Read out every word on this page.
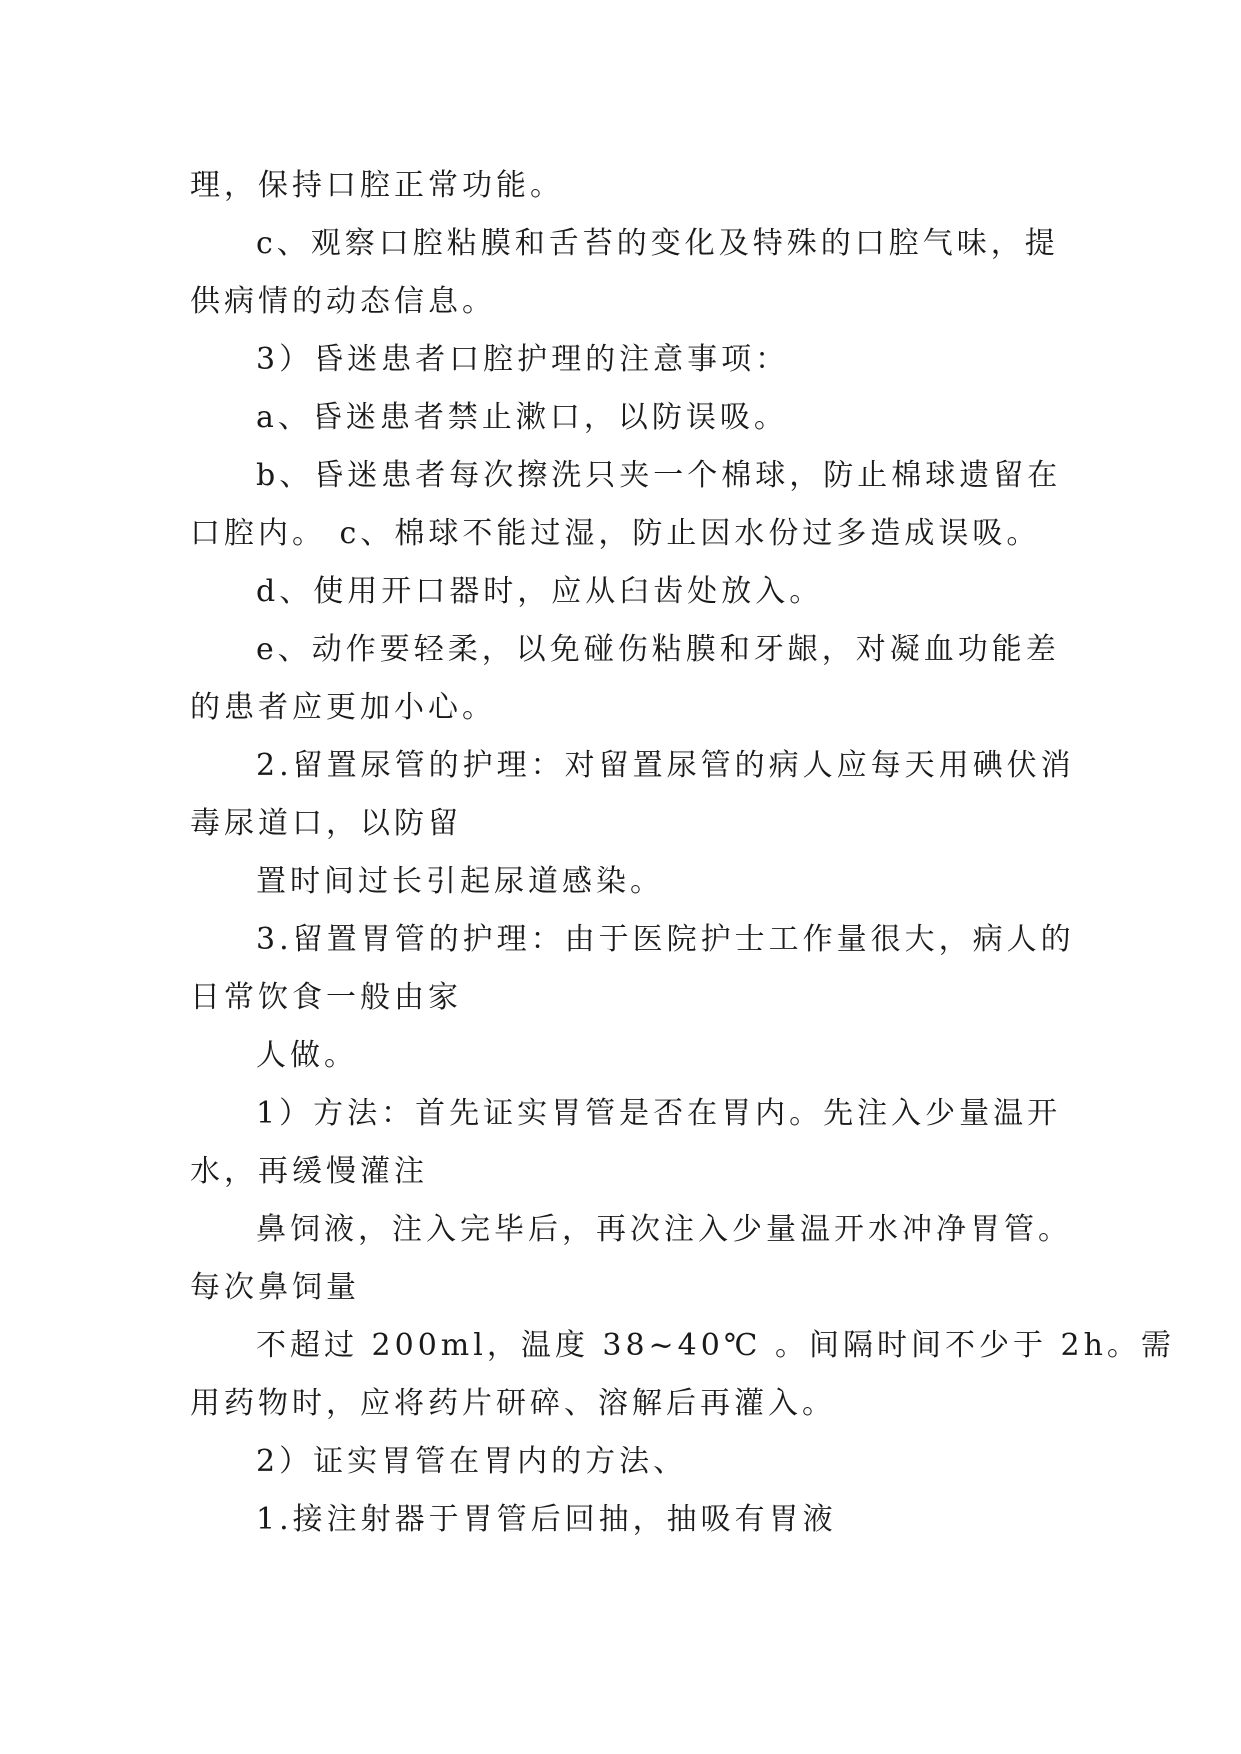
理，保持口腔正常功能。
c、观察口腔粘膜和舌苔的变化及特殊的口腔气味，提
供病情的动态信息。
3）昏迷患者口腔护理的注意事项：
a、昏迷患者禁止漱口，以防误吸。
b、昏迷患者每次擦洗只夹一个棉球，防止棉球遗留在
口腔内。 c、棉球不能过湿，防止因水份过多造成误吸。
d、使用开口器时，应从臼齿处放入。
e、动作要轻柔，以免碰伤粘膜和牙龈，对凝血功能差
的患者应更加小心。
2.留置尿管的护理：对留置尿管的病人应每天用碘伏消
毒尿道口，以防留
置时间过长引起尿道感染。
3.留置胃管的护理：由于医院护士工作量很大，病人的
日常饮食一般由家
人做。
1）方法：首先证实胃管是否在胃内。先注入少量温开
水，再缓慢灌注
鼻饲液，注入完毕后，再次注入少量温开水冲净胃管。
每次鼻饲量
不超过 200ml，温度 38~40℃ 。间隔时间不少于 2h。需
用药物时，应将药片研碎、溶解后再灌入。
2）证实胃管在胃内的方法、
1.接注射器于胃管后回抽，抽吸有胃液
